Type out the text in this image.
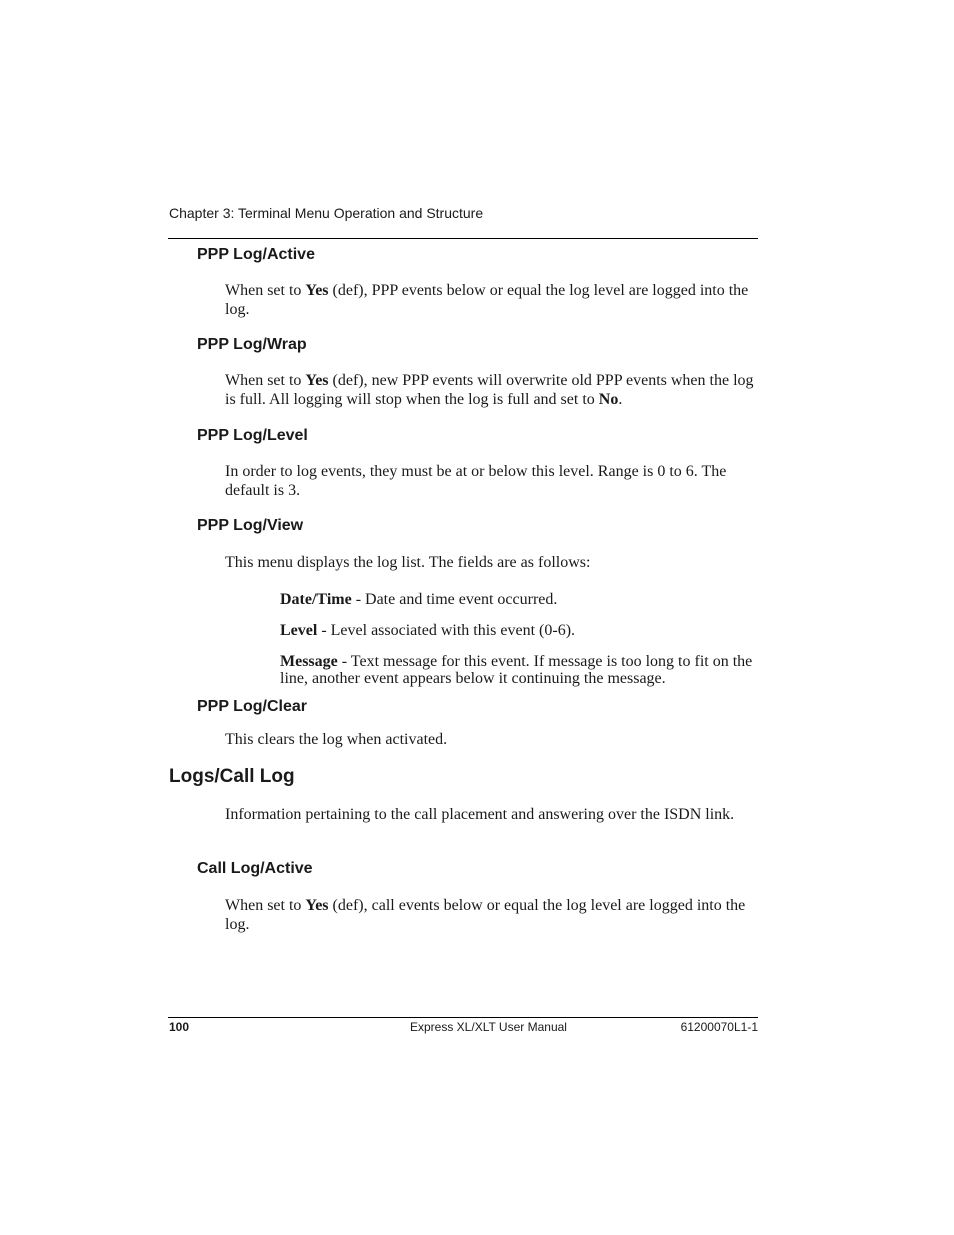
Chapter 3: Terminal Menu Operation and Structure
PPP Log/Active

When set to Yes (def), PPP events below or equal the log level are logged into the log.

PPP Log/Wrap

When set to Yes (def), new PPP events will overwrite old PPP events when the log is full. All logging will stop when the log is full and set to No.

PPP Log/Level

In order to log events, they must be at or below this level. Range is 0 to 6. The default is 3.

PPP Log/View

This menu displays the log list. The fields are as follows:

Date/Time - Date and time event occurred.

Level - Level associated with this event (0-6).

Message - Text message for this event. If message is too long to fit on the line, another event appears below it continuing the message.

PPP Log/Clear

This clears the log when activated.

Logs/Call Log

Information pertaining to the call placement and answering over the ISDN link.

Call Log/Active

When set to Yes (def), call events below or equal the log level are logged into the log.

100	Express XL/XLT User Manual	61200070L1-1
